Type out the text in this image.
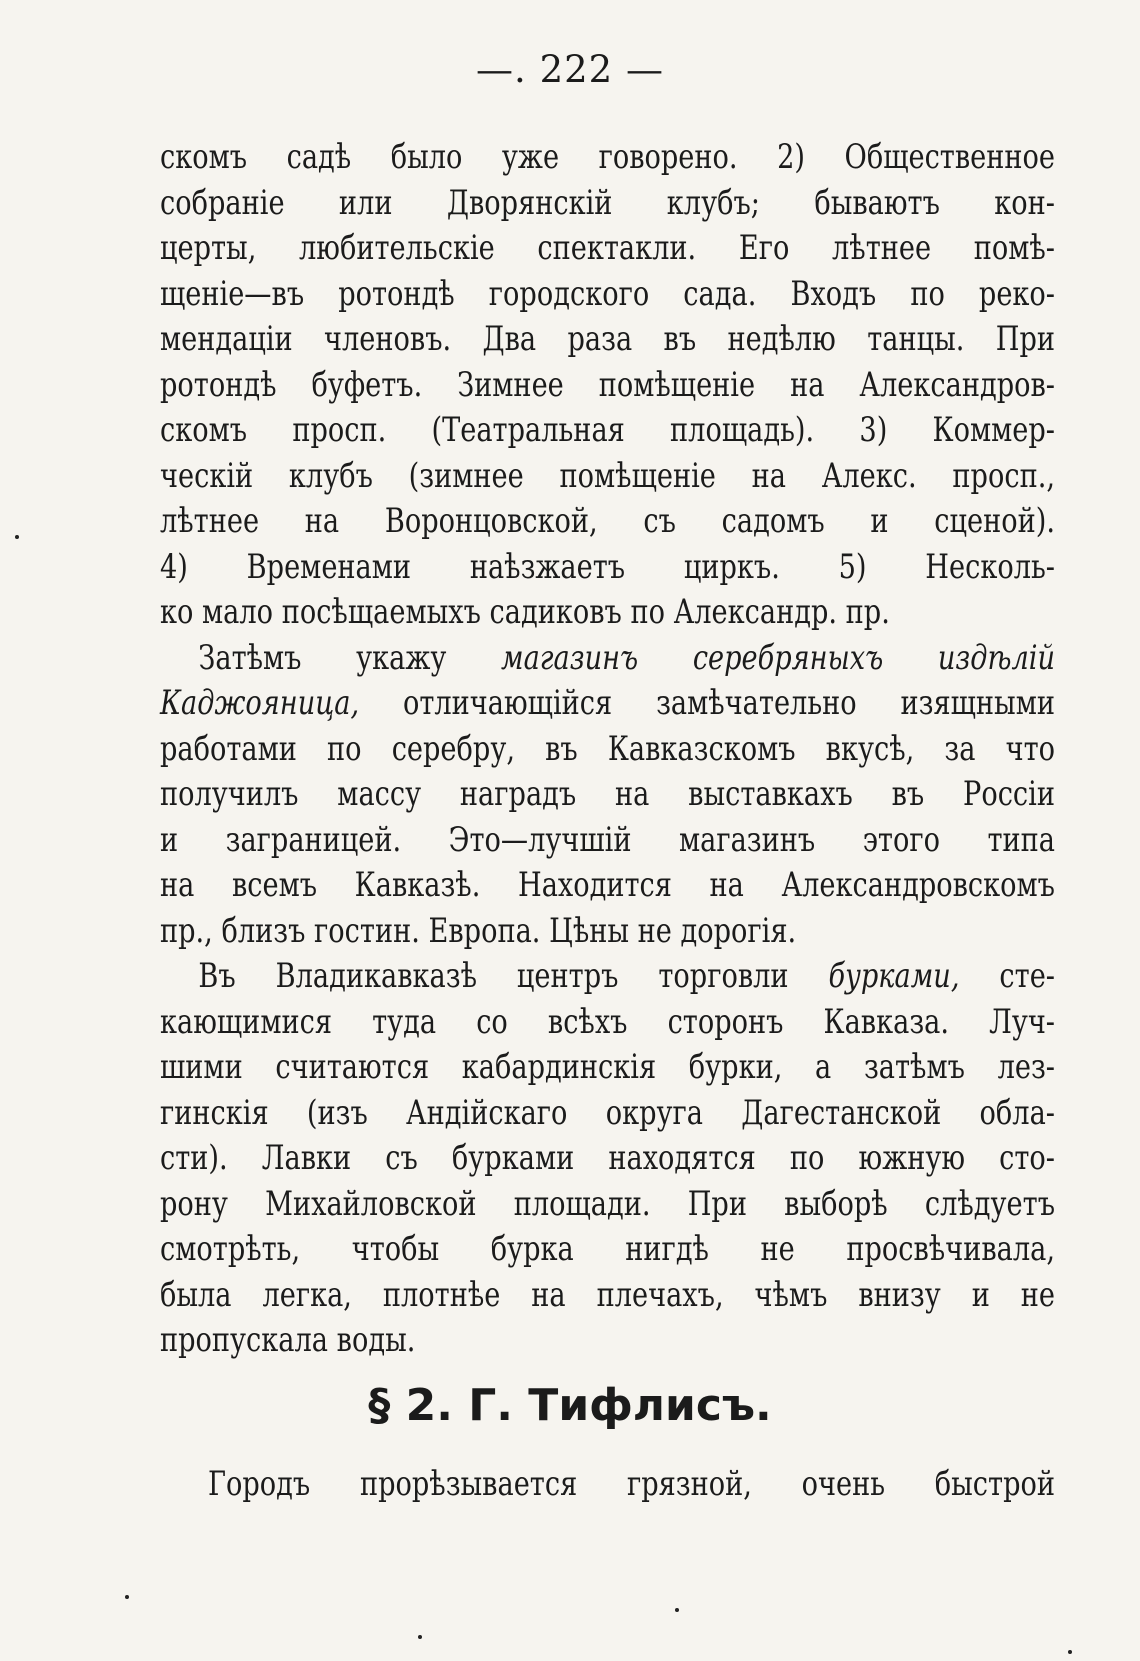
—. 222 —
скомъ садѣ было уже говорено. 2) Общественное
собраніе или Дворянскій клубъ; бываютъ кон-
церты, любительскіе спектакли. Его лѣтнее помѣ-
щеніе—въ ротондѣ городского сада. Входъ по реко-
мендаціи членовъ. Два раза въ недѣлю танцы. При
ротондѣ буфетъ. Зимнее помѣщеніе на Александров-
скомъ просп. (Театральная площадь). 3) Коммер-
ческій клубъ (зимнее помѣщеніе на Алекс. просп.,
лѣтнее на Воронцовской, съ садомъ и сценой).
4) Временами наѣзжаетъ циркъ. 5) Несколь-
ко мало посѣщаемыхъ садиковъ по Александр. пр.
Затѣмъ укажу магазинъ серебряныхъ издѣлій
Каджояница, отличающійся замѣчательно изящными
работами по серебру, въ Кавказскомъ вкусѣ, за что
получилъ массу наградъ на выставкахъ въ Россіи
и заграницей. Это—лучшій магазинъ этого типа
на всемъ Кавказѣ. Находится на Александровскомъ
пр., близъ гостин. Европа. Цѣны не дорогія.
Въ Владикавказѣ центръ торговли бурками, сте-
кающимися туда со всѣхъ сторонъ Кавказа. Луч-
шими считаются кабардинскія бурки, а затѣмъ лез-
гинскія (изъ Андійскаго округа Дагестанской обла-
сти). Лавки съ бурками находятся по южную сто-
рону Михайловской площади. При выборѣ слѣдуетъ
смотрѣть, чтобы бурка нигдѣ не просвѣчивала,
была легка, плотнѣе на плечахъ, чѣмъ внизу и не
пропускала воды.
§ 2. Г. Тифлисъ.
Городъ прорѣзывается грязной, очень быстрой
